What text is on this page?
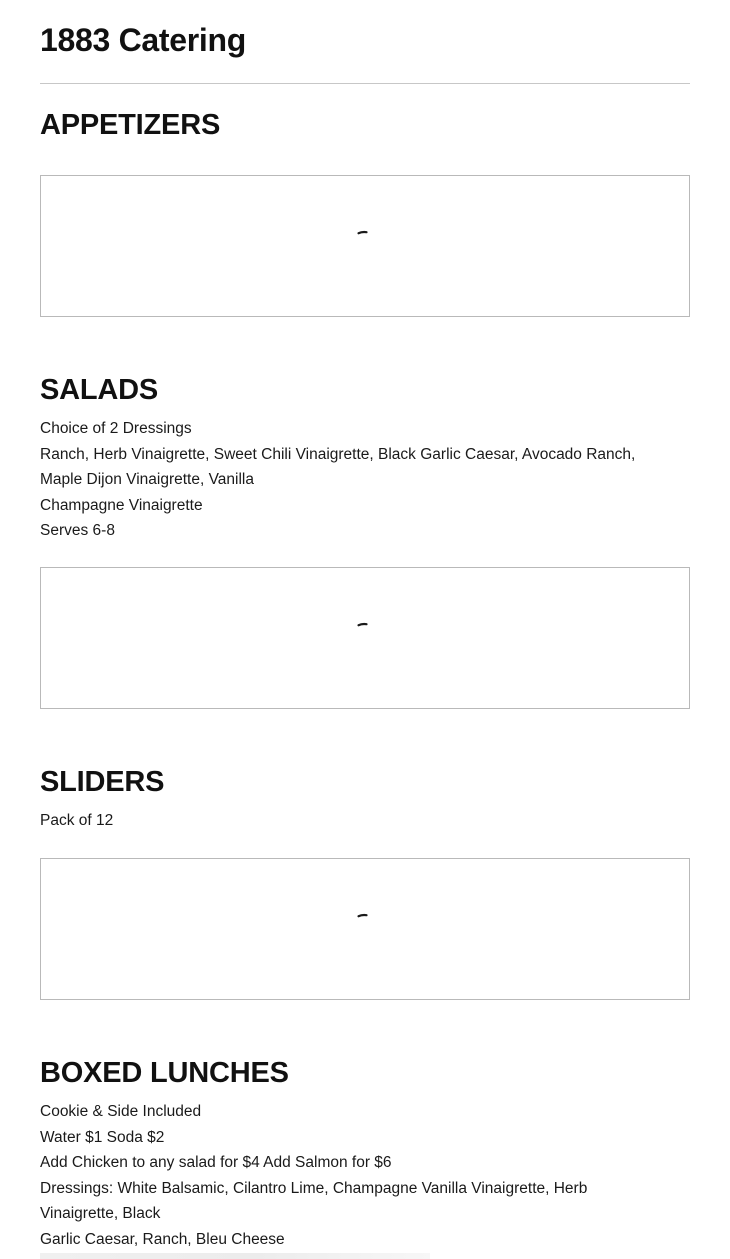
1883 Catering
APPETIZERS
SALADS
Choice of 2 Dressings
Ranch, Herb Vinaigrette, Sweet Chili Vinaigrette, Black Garlic Caesar, Avocado Ranch,
Maple Dijon Vinaigrette, Vanilla
Champagne Vinaigrette
Serves 6-8
SLIDERS
Pack of 12
BOXED LUNCHES
Cookie & Side Included
Water $1 Soda $2
Add Chicken to any salad for $4 Add Salmon for $6
Dressings: White Balsamic, Cilantro Lime, Champagne Vanilla Vinaigrette, Herb
Vinaigrette, Black
Garlic Caesar, Ranch, Bleu Cheese
